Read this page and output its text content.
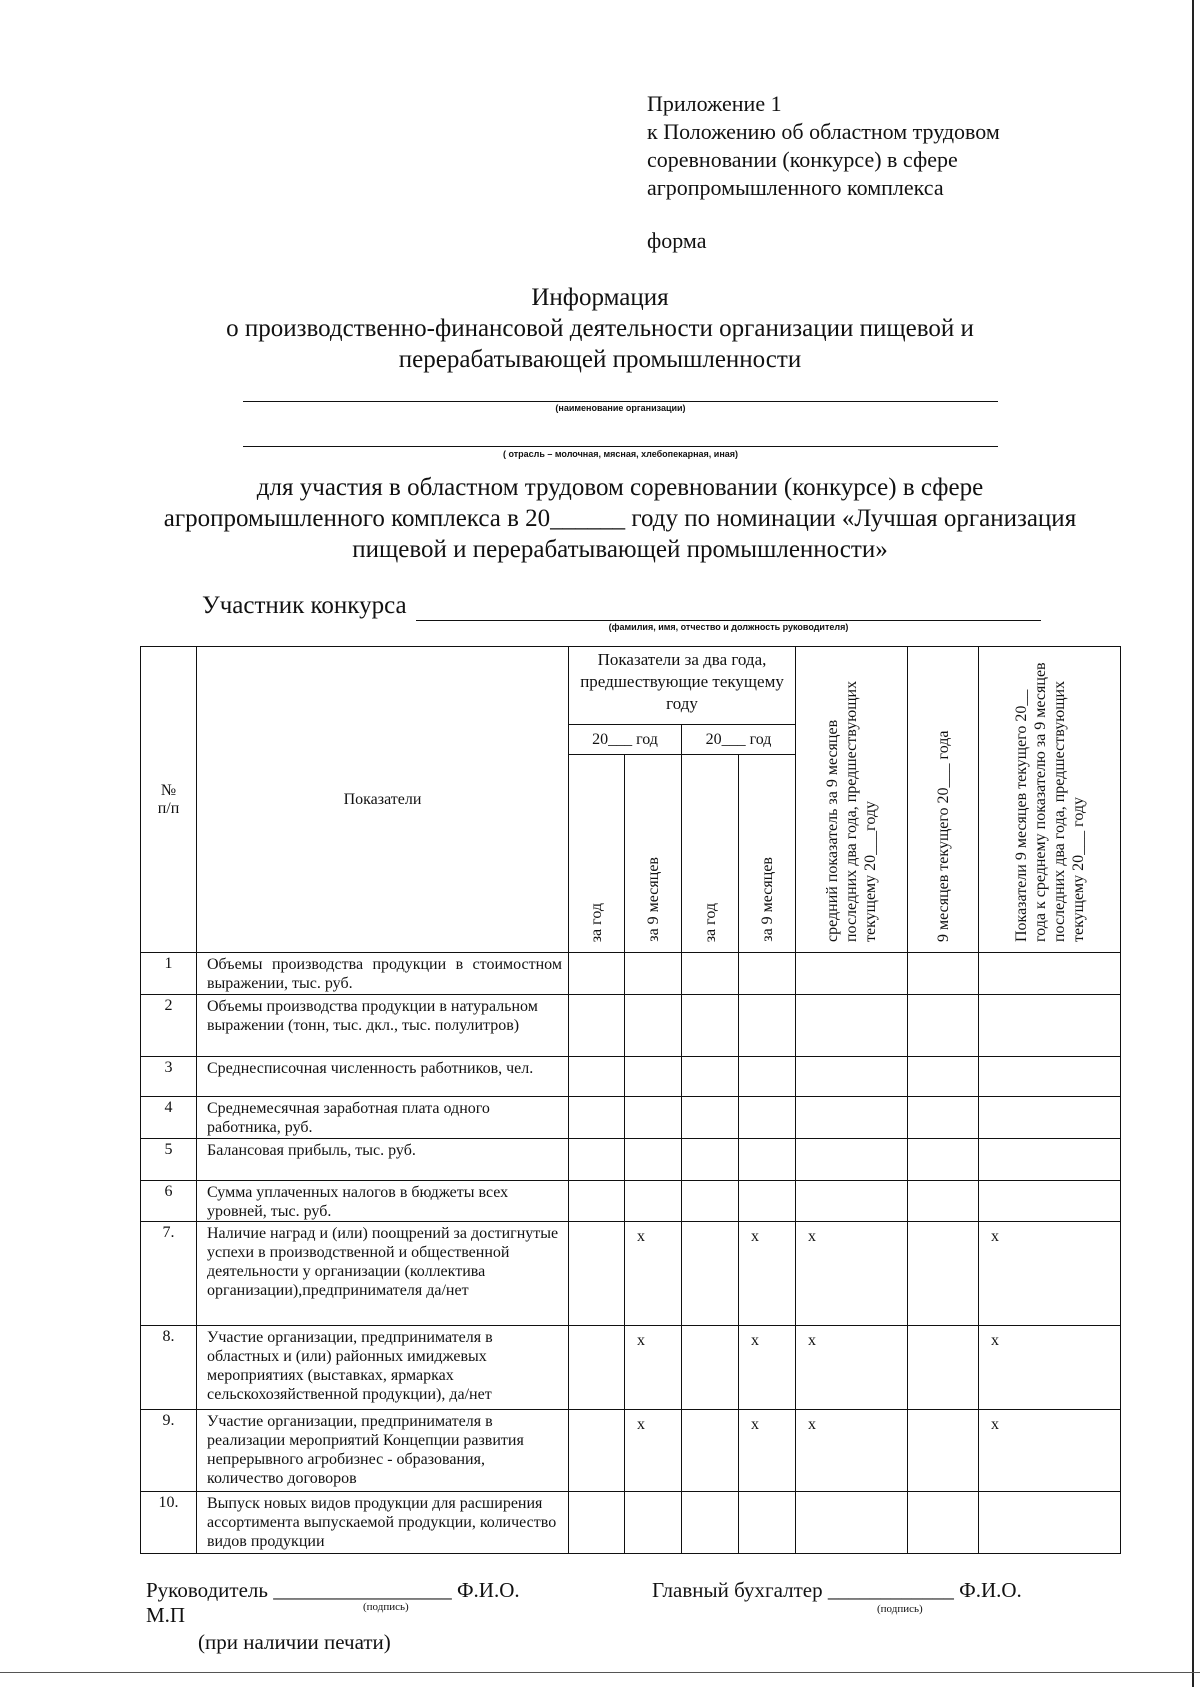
Приложение 1
к Положению об областном трудовом
соревновании (конкурсе) в сфере
агропромышленного комплекса
форма
Информация
о производственно-финансовой деятельности организации пищевой и
перерабатывающей промышленности
(наименование организации)
( отрасль – молочная, мясная, хлебопекарная, иная)
для участия в областном трудовом соревновании (конкурсе) в сфере
агропромышленного комплекса в 20______ году по номинации «Лучшая организация
пищевой и перерабатывающей промышленности»
Участник конкурса
(фамилия, имя, отчество и должность руководителя)
№
п/п	Показатели	Показатели за два года, предшествующие текущему году				средний показатель за 9 месяцев последних два года, предшествующих текущему 20___году	9 месяцев текущего 20___ года	Показатели 9 месяцев текущего 20__ года к среднему показателю за 9 месяцев последних два года, предшествующих текущему 20___ году

		20___ год		20___ год				

		за год	за 9 месяцев	за год	за 9 месяцев			

1	Объемы производства продукции в стоимостном выражении, тыс. руб.							
2	Объемы производства продукции в натуральном выражении (тонн, тыс. дкл., тыс. полулитров)							
3	Среднесписочная численность работников, чел.							
4	Среднемесячная заработная плата одного работника, руб.							
5	Балансовая прибыль, тыс. руб.							
6	Сумма уплаченных налогов в бюджеты всех уровней, тыс. руб.							
7.	Наличие наград и (или) поощрений за достигнутые успехи в производственной и общественной деятельности у организации (коллектива организации),предпринимателя да/нет		x		x	x		x
8.	Участие организации, предпринимателя в областных и (или) районных имиджевых мероприятиях (выставках, ярмарках сельскохозяйственной продукции), да/нет		x		x	x		x
9.	Участие организации, предпринимателя в реализации мероприятий Концепции развития непрерывного агробизнес - образования, количество договоров		x		x	x		x
10.	Выпуск новых видов продукции для расширения ассортимента выпускаемой продукции, количество видов продукции							
Руководитель _________________ Ф.И.О.
(подпись)
М.П
(при наличии печати)
Главный бухгалтер ____________ Ф.И.О.
(подпись)
